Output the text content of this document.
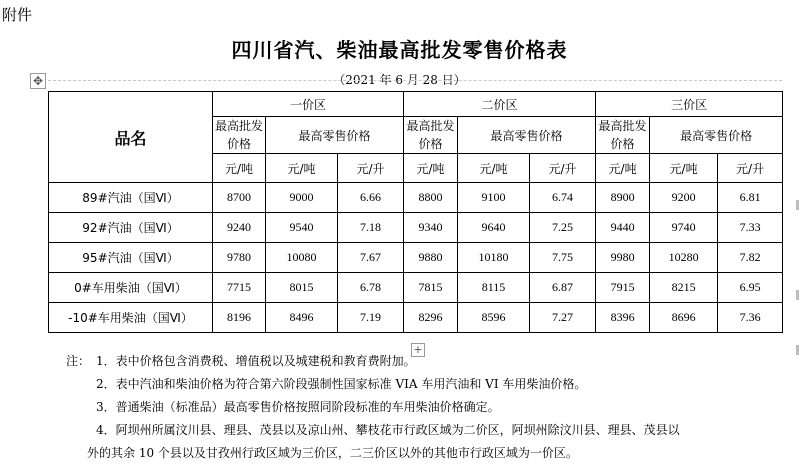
附件
四川省汽、柴油最高批发零售价格表
（2021 年 6 月 28 日）
✥
品名	一价区			二价区			三价区		
	最高批发价格	最高零售价格		最高批发价格	最高零售价格		最高批发价格	最高零售价格	
	元/吨	元/吨	元/升	元/吨	元/吨	元/升	元/吨	元/吨	元/升
89#汽油（国Ⅵ）	8700	9000	6.66	8800	9100	6.74	8900	9200	6.81
92#汽油（国Ⅵ）	9240	9540	7.18	9340	9640	7.25	9440	9740	7.33
95#汽油（国Ⅵ）	9780	10080	7.67	9880	10180	7.75	9980	10280	7.82
0#车用柴油（国Ⅵ）	7715	8015	6.78	7815	8115	6.87	7915	8215	6.95
-10#车用柴油（国Ⅵ）	8196	8496	7.19	8296	8596	7.27	8396	8696	7.36
+
注： 1．表中价格包含消费税、增值税以及城建税和教育费附加。
2．表中汽油和柴油价格为符合第六阶段强制性国家标准 VIA 车用汽油和 VI 车用柴油价格。
3．普通柴油（标准品）最高零售价格按照同阶段标准的车用柴油价格确定。
4．阿坝州所属汶川县、理县、茂县以及凉山州、攀枝花市行政区域为二价区，阿坝州除汶川县、理县、茂县以
外的其余 10 个县以及甘孜州行政区域为三价区，二三价区以外的其他市行政区域为一价区。
